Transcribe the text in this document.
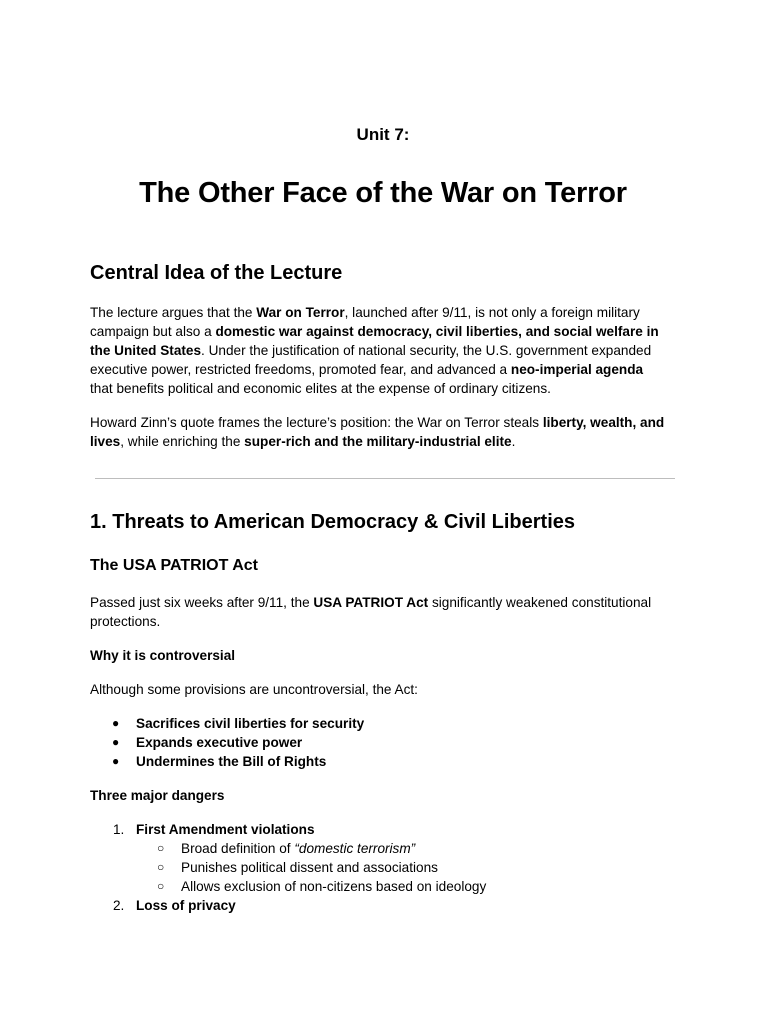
Unit 7:
The Other Face of the War on Terror
Central Idea of the Lecture
The lecture argues that the War on Terror, launched after 9/11, is not only a foreign military
campaign but also a domestic war against democracy, civil liberties, and social welfare in
the United States. Under the justification of national security, the U.S. government expanded
executive power, restricted freedoms, promoted fear, and advanced a neo-imperial agenda
that benefits political and economic elites at the expense of ordinary citizens.
Howard Zinn’s quote frames the lecture’s position: the War on Terror steals liberty, wealth, and
lives, while enriching the super-rich and the military-industrial elite.
1. Threats to American Democracy & Civil Liberties
The USA PATRIOT Act
Passed just six weeks after 9/11, the USA PATRIOT Act significantly weakened constitutional
protections.
Why it is controversial
Although some provisions are uncontroversial, the Act:
● Sacrifices civil liberties for security
● Expands executive power
● Undermines the Bill of Rights
Three major dangers
1. First Amendment violations
○ Broad definition of “domestic terrorism”
○ Punishes political dissent and associations
○ Allows exclusion of non-citizens based on ideology
2. Loss of privacy
